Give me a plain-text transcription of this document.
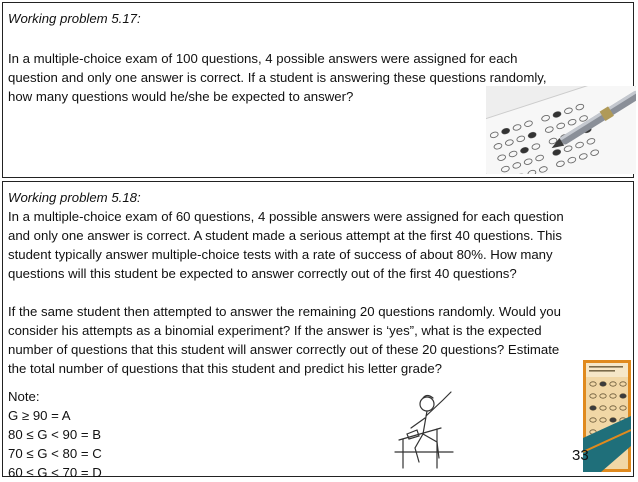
Working problem 5.17:
In a multiple-choice exam of 100 questions, 4 possible answers were assigned for each
question and only one answer is correct. If a student is answering these questions randomly,
how many questions would he/she be expected to answer?
Working problem 5.18:
In a multiple-choice exam of 60 questions, 4 possible answers were assigned for each question
and only one answer is correct. A student made a serious attempt at the first 40 questions. This
student typically answer multiple-choice tests with a rate of success of about 80%. How many
questions will this student be expected to answer correctly out of the first 40 questions?
If the same student then attempted to answer the remaining 20 questions randomly. Would you
consider his attempts as a binomial experiment? If the answer is ‘yes”, what is the expected
number of questions that this student will answer correctly out of these 20 questions? Estimate
the total number of questions that this student and predict his letter grade?
Note:
G ≥ 90 = A
80 ≤ G < 90 = B
70 ≤ G < 80 = C
60 ≤ G < 70 = D
33
